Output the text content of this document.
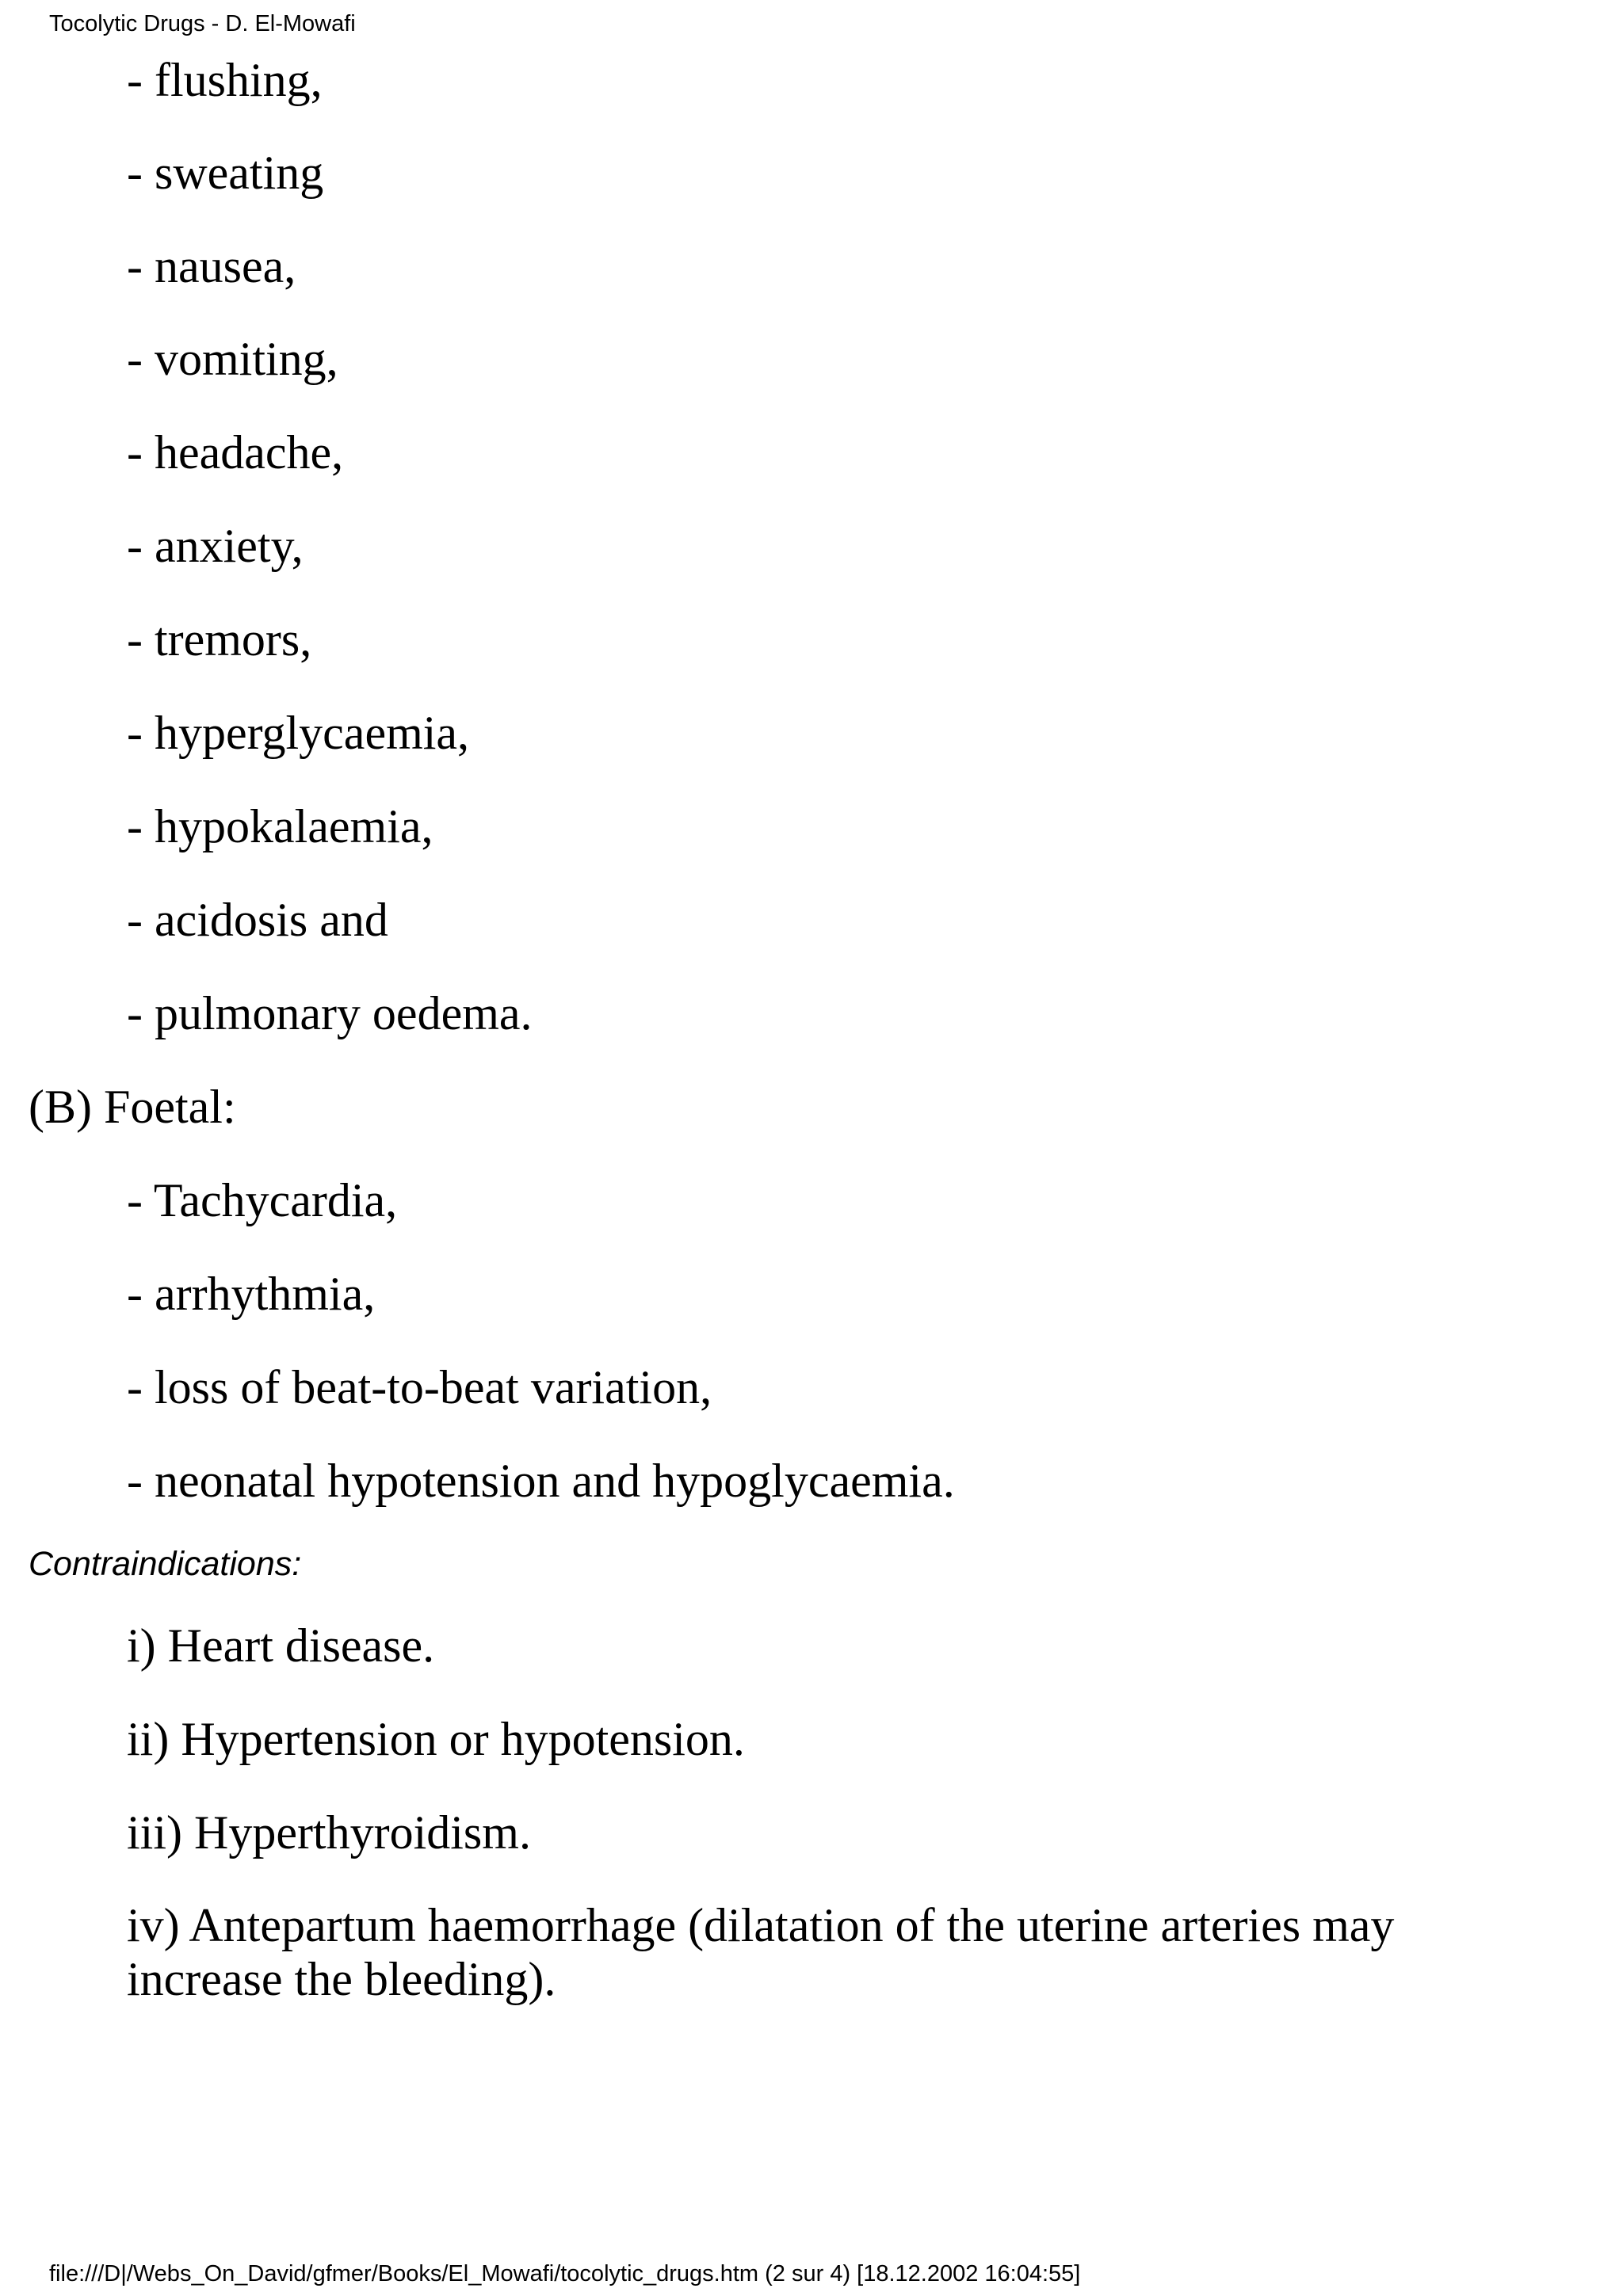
Tocolytic Drugs - D. El-Mowafi
- flushing,
- sweating
- nausea,
- vomiting,
- headache,
- anxiety,
- tremors,
- hyperglycaemia,
- hypokalaemia,
- acidosis and
- pulmonary oedema.
(B) Foetal:
- Tachycardia,
- arrhythmia,
- loss of beat-to-beat variation,
- neonatal hypotension and hypoglycaemia.
Contraindications:
i) Heart disease.
ii) Hypertension or hypotension.
iii) Hyperthyroidism.
iv) Antepartum haemorrhage (dilatation of the uterine arteries may increase the bleeding).
file:///D|/Webs_On_David/gfmer/Books/El_Mowafi/tocolytic_drugs.htm (2 sur 4) [18.12.2002 16:04:55]
